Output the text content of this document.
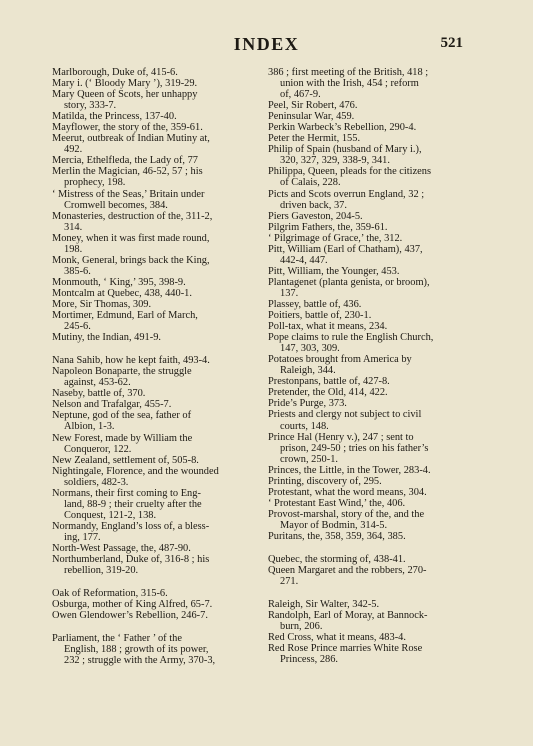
INDEX	521
Marlborough, Duke of, 415-6.
Mary i. (‘ Bloody Mary ’), 319-29.
Mary Queen of Scots, her unhappy

story, 333-7.
Matilda, the Princess, 137-40.
Mayflower, the story of the, 359-61.
Meerut, outbreak of Indian Mutiny at,

492.
Mercia, Ethelfleda, the Lady of, 77
Merlin the Magician, 46-52, 57 ; his

prophecy, 198.
‘ Mistress of the Seas,’ Britain under

Cromwell becomes, 384.
Monasteries, destruction of the, 311-2,

314.
Money, when it was first made round,

198.
Monk, General, brings back the King,

385-6.
Monmouth, ‘ King,’ 395, 398-9.
Montcalm at Quebec, 438, 440-1.
More, Sir Thomas, 309.
Mortimer, Edmund, Earl of March,

245-6.
Mutiny, the Indian, 491-9.
Nana Sahib, how he kept faith, 493-4.
Napoleon Bonaparte, the struggle

against, 453-62.
Naseby, battle of, 370.
Nelson and Trafalgar, 455-7.
Neptune, god of the sea, father of

Albion, 1-3.
New Forest, made by William the

Conqueror, 122.
New Zealand, settlement of, 505-8.
Nightingale, Florence, and the wounded

soldiers, 482-3.
Normans, their first coming to Eng-

land, 88-9 ; their cruelty after the
Conquest, 121-2, 138.
Normandy, England’s loss of, a bless-

ing, 177.
North-West Passage, the, 487-90.
Northumberland, Duke of, 316-8 ; his

rebellion, 319-20.
Oak of Reformation, 315-6.
Osburga, mother of King Alfred, 65-7.
Owen Glendower’s Rebellion, 246-7.
Parliament, the ‘ Father ’ of the

English, 188 ; growth of its power,
232 ; struggle with the Army, 370-3,
386 ; first meeting of the British, 418 ;

union with the Irish, 454 ; reform
of, 467-9.
Peel, Sir Robert, 476.
Peninsular War, 459.
Perkin Warbeck’s Rebellion, 290-4.
Peter the Hermit, 155.
Philip of Spain (husband of Mary i.),

320, 327, 329, 338-9, 341.
Philippa, Queen, pleads for the citizens

of Calais, 228.
Picts and Scots overrun England, 32 ;

driven back, 37.
Piers Gaveston, 204-5.
Pilgrim Fathers, the, 359-61.
‘ Pilgrimage of Grace,’ the, 312.
Pitt, William (Earl of Chatham), 437,

442-4, 447.
Pitt, William, the Younger, 453.
Plantagenet (planta genista, or broom),

137.
Plassey, battle of, 436.
Poitiers, battle of, 230-1.
Poll-tax, what it means, 234.
Pope claims to rule the English Church,

147, 303, 309.
Potatoes brought from America by

Raleigh, 344.
Prestonpans, battle of, 427-8.
Pretender, the Old, 414, 422.
Pride’s Purge, 373.
Priests and clergy not subject to civil

courts, 148.
Prince Hal (Henry v.), 247 ; sent to

prison, 249-50 ; tries on his father’s
crown, 250-1.
Princes, the Little, in the Tower, 283-4.
Printing, discovery of, 295.
Protestant, what the word means, 304.
‘ Protestant East Wind,’ the, 406.
Provost-marshal, story of the, and the

Mayor of Bodmin, 314-5.
Puritans, the, 358, 359, 364, 385.
Quebec, the storming of, 438-41.
Queen Margaret and the robbers, 270-

271.
Raleigh, Sir Walter, 342-5.
Randolph, Earl of Moray, at Bannock-

burn, 206.
Red Cross, what it means, 483-4.
Red Rose Prince marries White Rose

Princess, 286.
